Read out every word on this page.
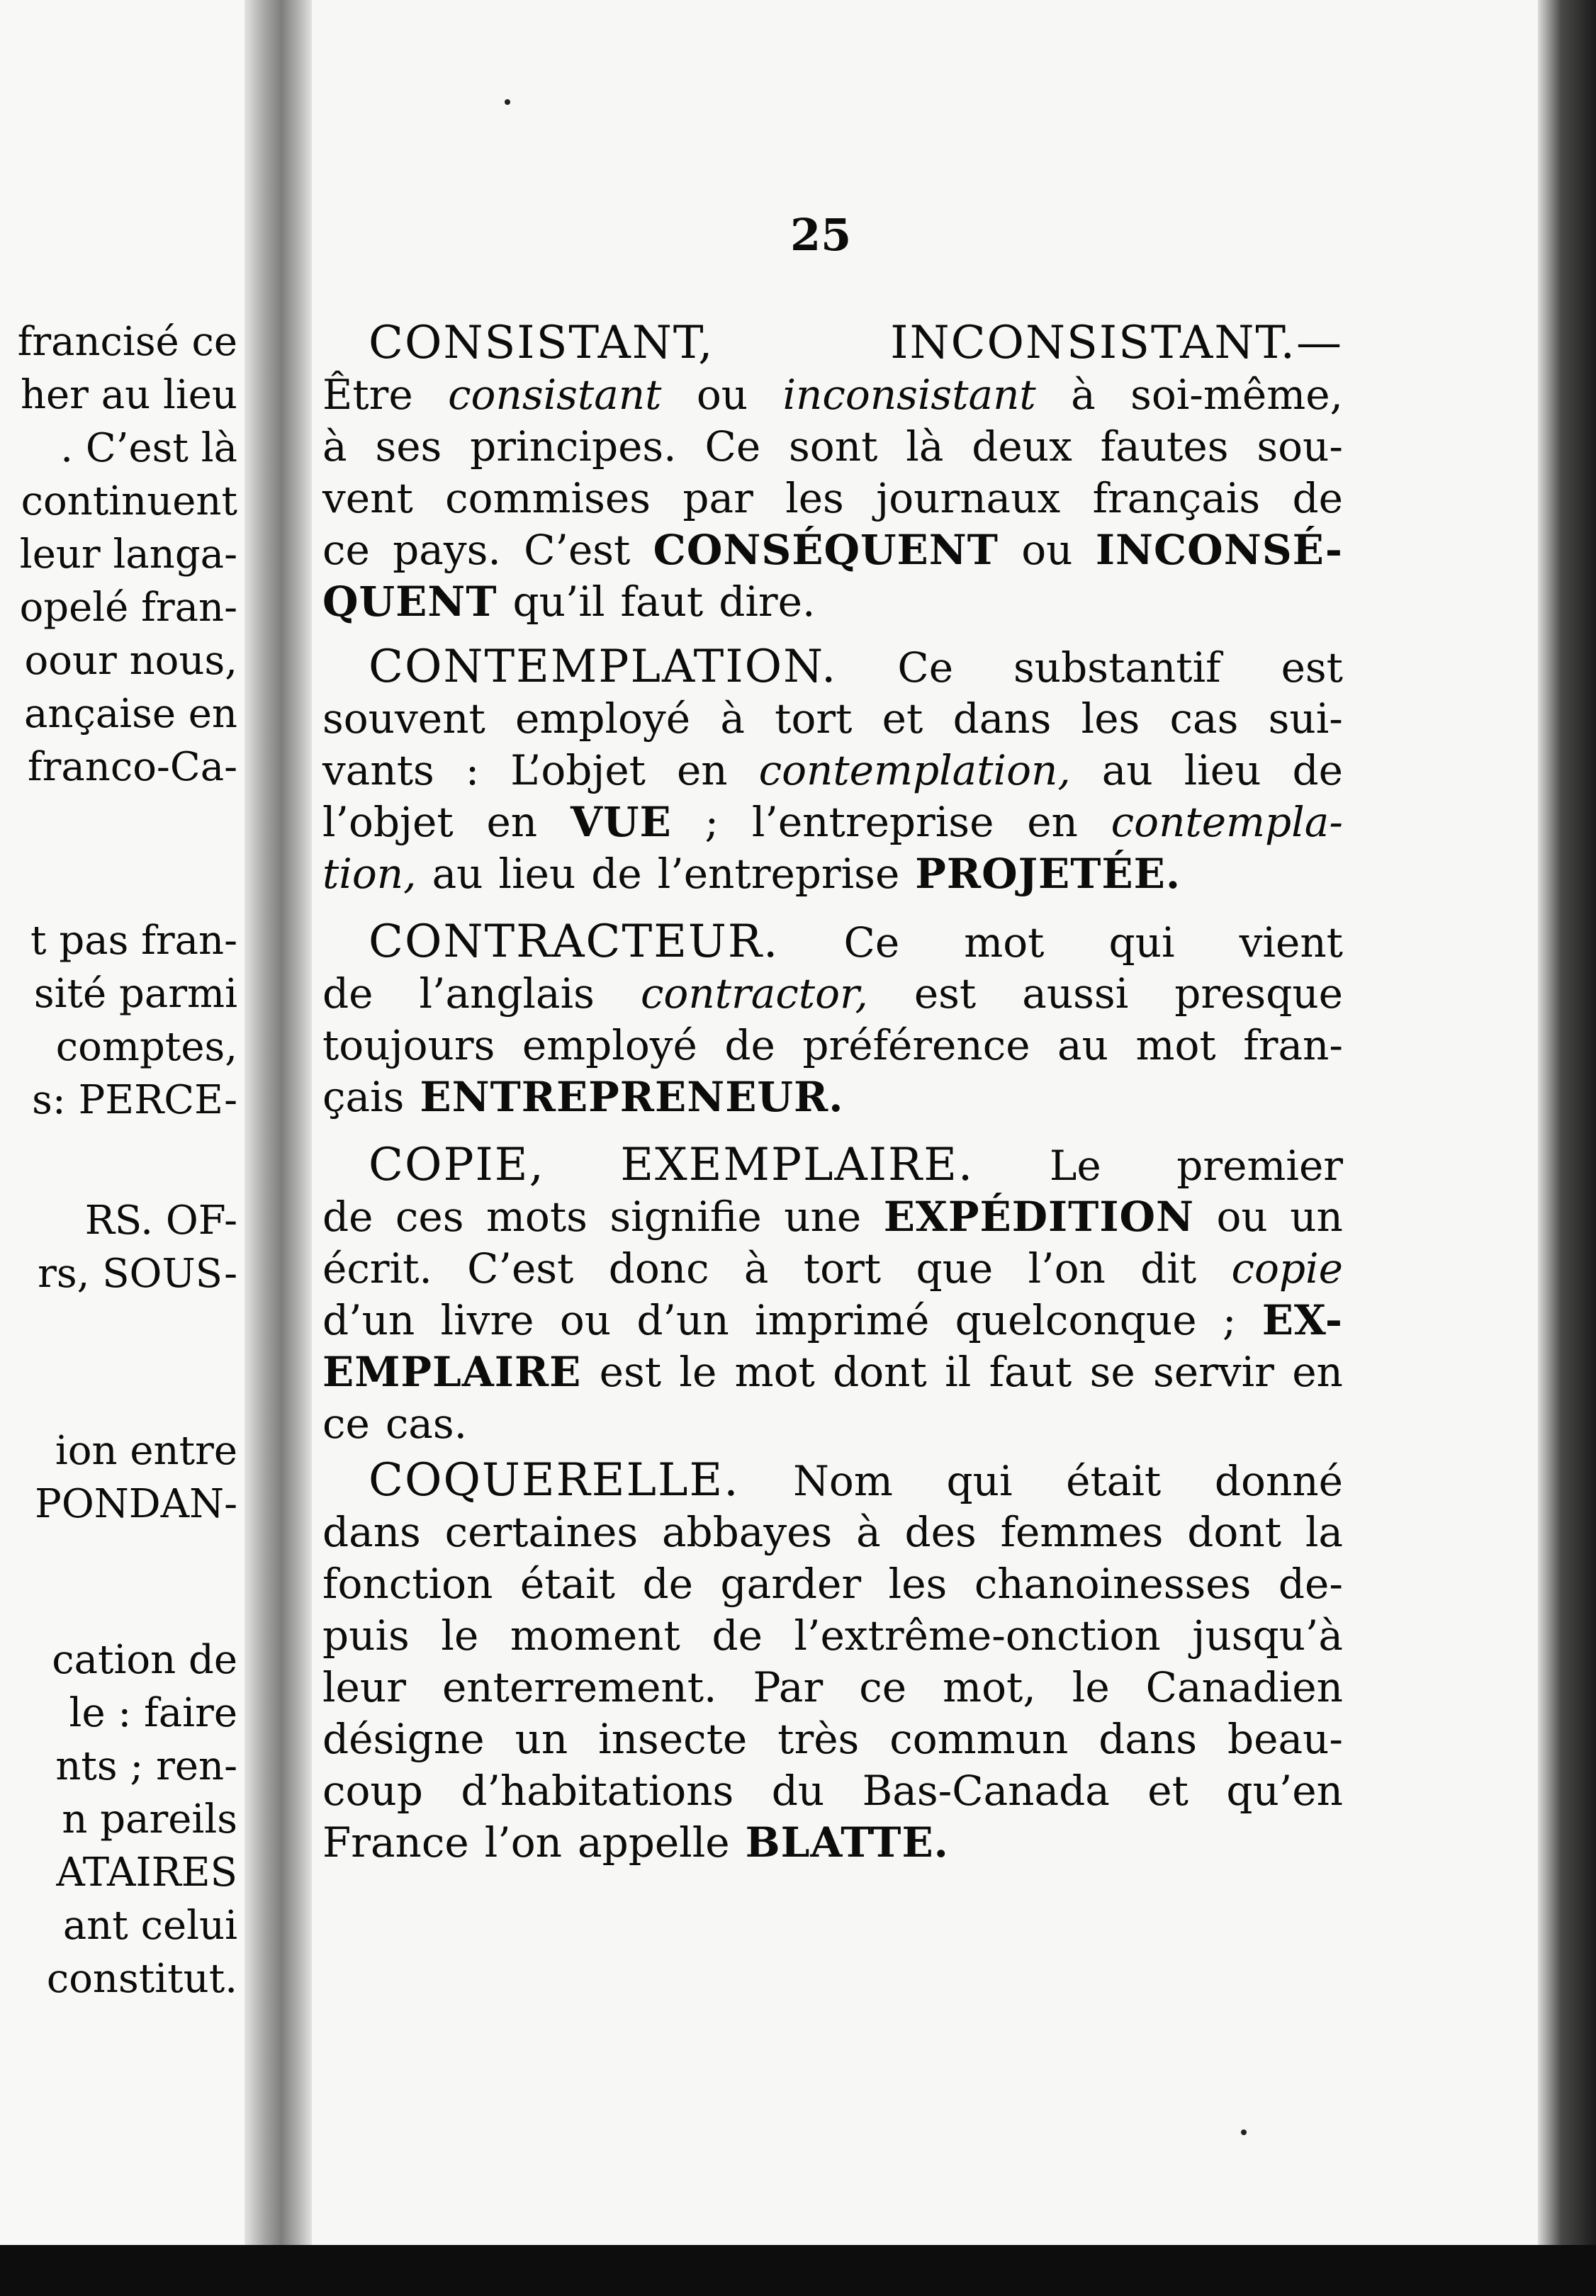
francisé ce
her au lieu
. C’est là
continuent
leur langa-
opelé fran-
oour nous,
ançaise en
franco-Ca-
t pas fran-
sité parmi
comptes,
s: PERCE-
RS. OF-
rs, SOUS-
ion entre
PONDAN-
cation de
le : faire
nts ; ren-
n pareils
ATAIRES
ant celui
constitut.
25
CONSISTANT,	INCONSISTANT.—
Être consistant ou inconsistant à soi-même,
à ses principes. Ce sont là deux fautes sou-
vent commises par les journaux français de
ce pays. C’est CONSÉQUENT ou INCONSÉ-
QUENT qu’il faut dire.
CONTEMPLATION. Ce substantif est
souvent employé à tort et dans les cas sui-
vants : L’objet en contemplation, au lieu de
l’objet en VUE ; l’entreprise en contempla-
tion, au lieu de l’entreprise PROJETÉE.
CONTRACTEUR. Ce mot qui vient
de l’anglais contractor, est aussi presque
toujours employé de préférence au mot fran-
çais ENTREPRENEUR.
COPIE, EXEMPLAIRE. Le premier
de ces mots signifie une EXPÉDITION ou un
écrit. C’est donc à tort que l’on dit copie
d’un livre ou d’un imprimé quelconque ; EX-
EMPLAIRE est le mot dont il faut se servir en
ce cas.
COQUERELLE. Nom qui était donné
dans certaines abbayes à des femmes dont la
fonction était de garder les chanoinesses de-
puis le moment de l’extrême-onction jusqu’à
leur enterrement. Par ce mot, le Canadien
désigne un insecte très commun dans beau-
coup d’habitations du Bas-Canada et qu’en
France l’on appelle BLATTE.
